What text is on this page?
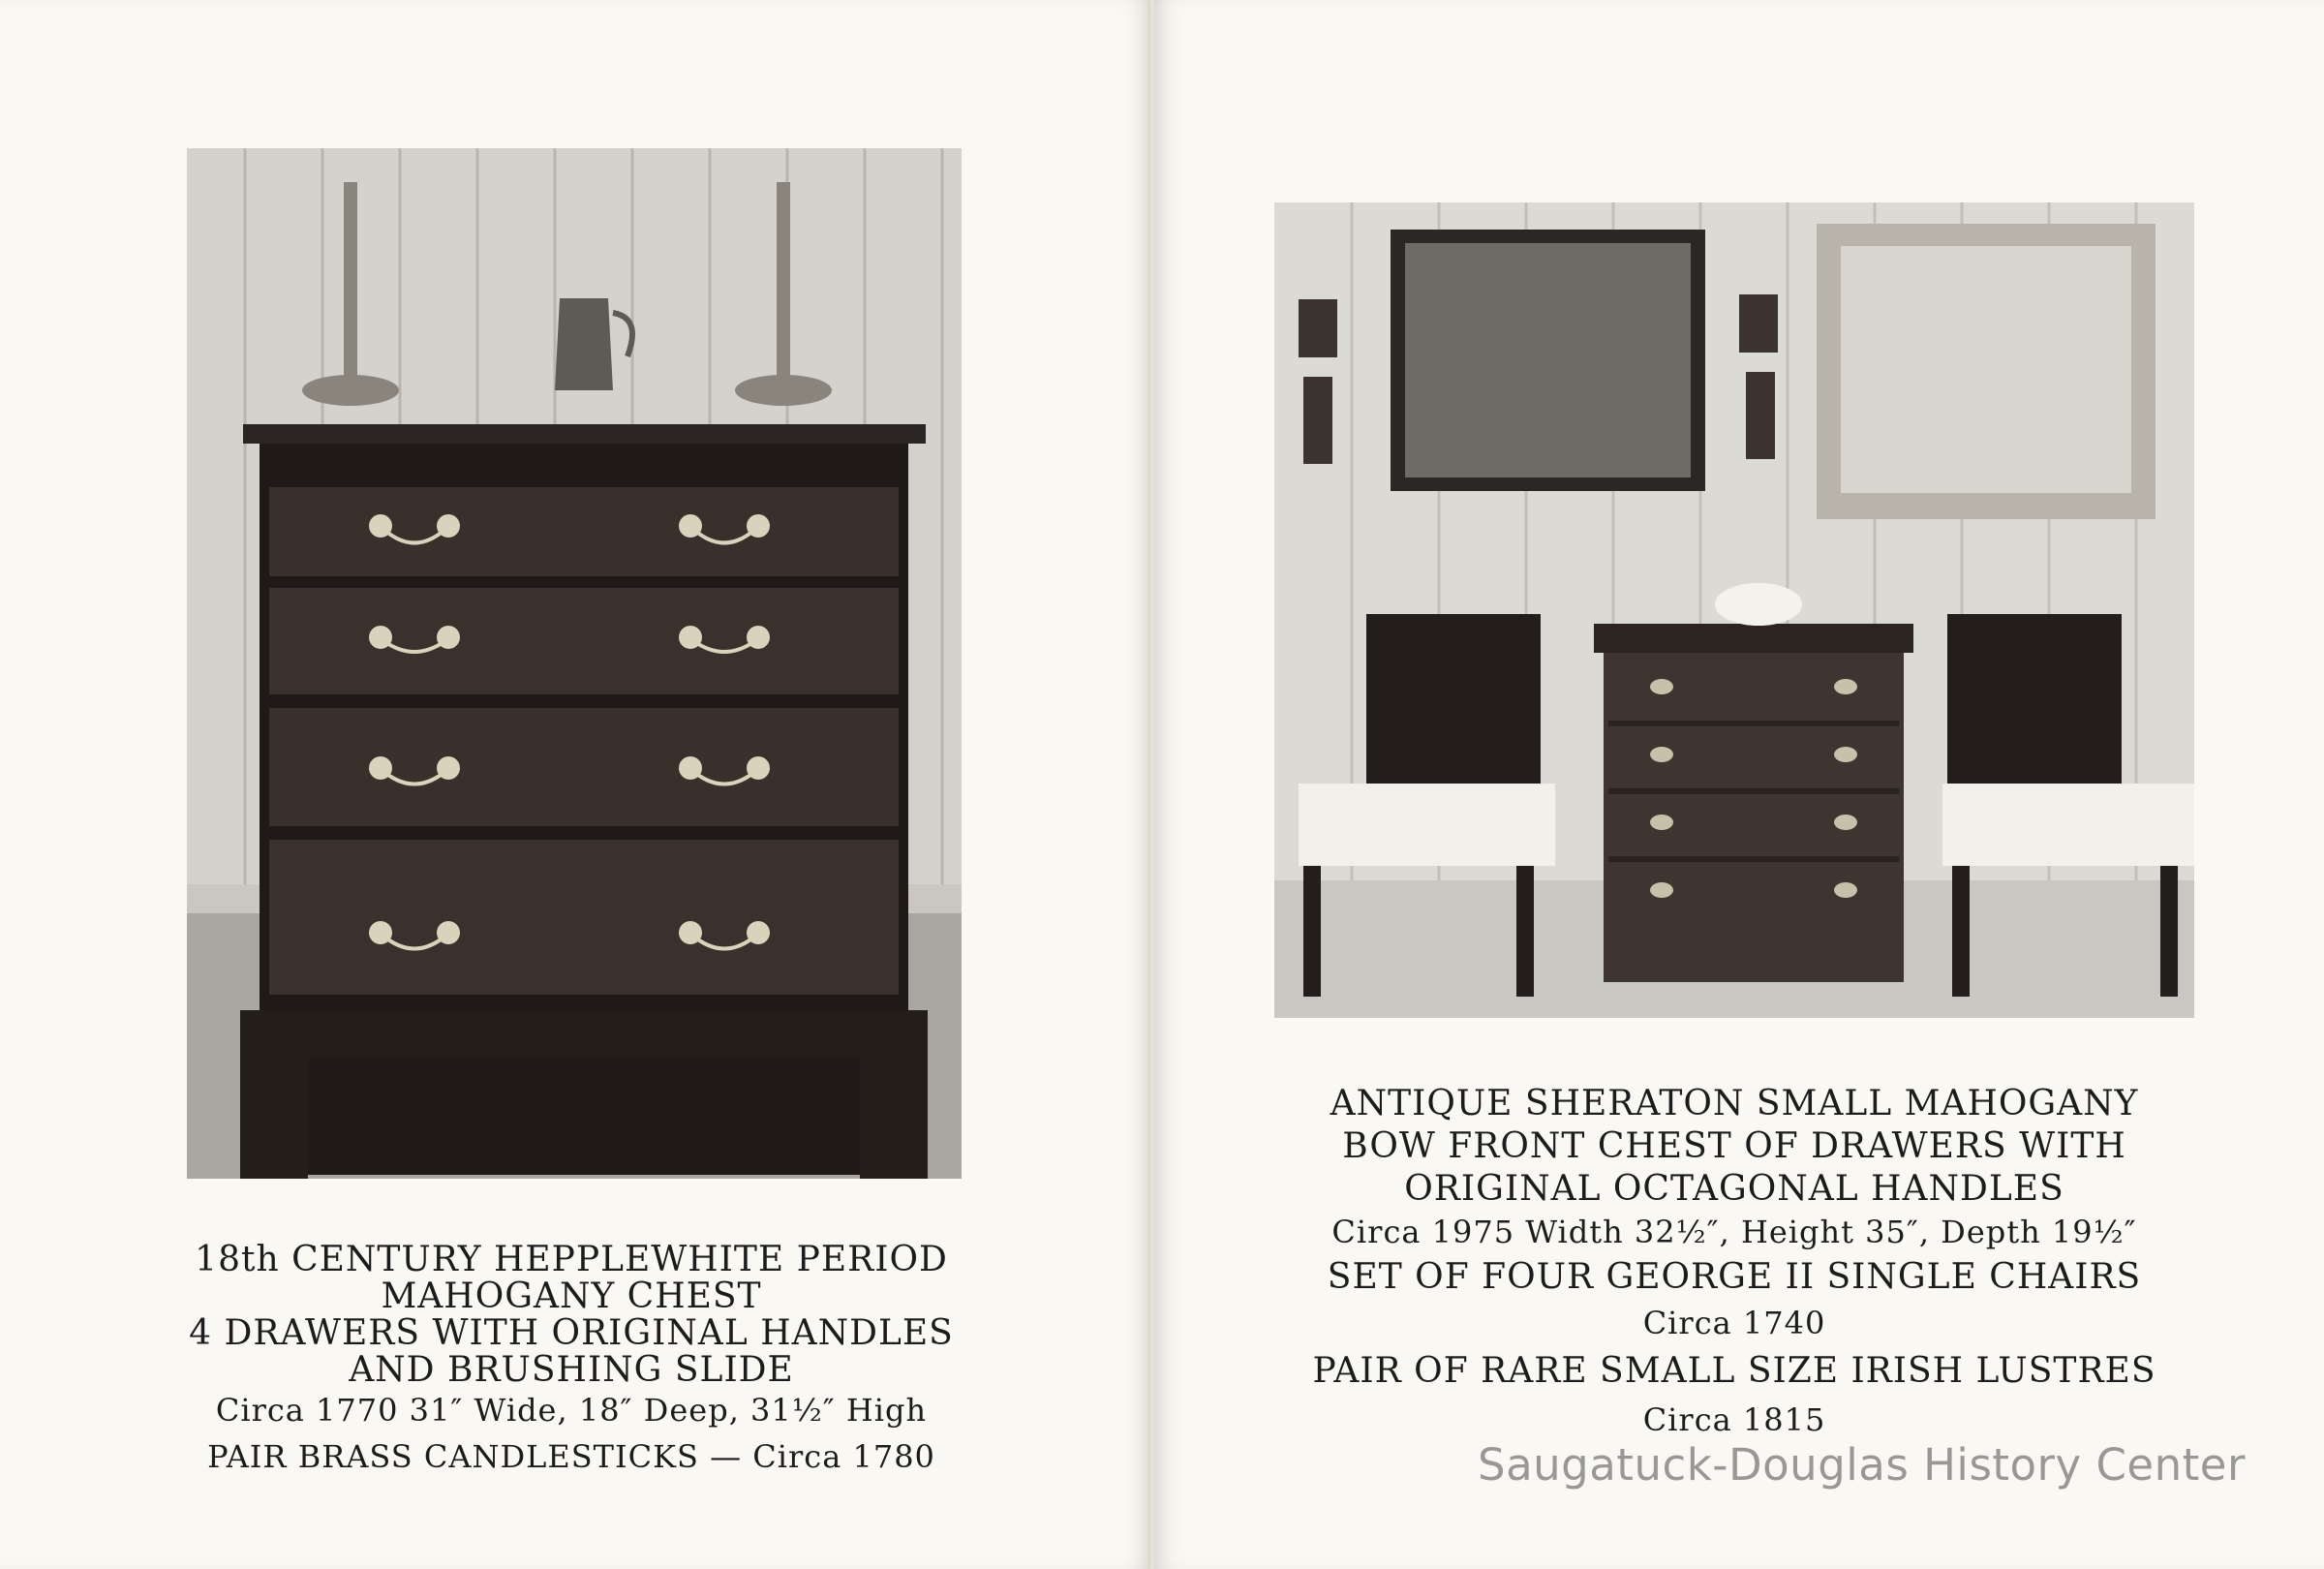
18th CENTURY HEPPLEWHITE PERIOD
MAHOGANY CHEST
4 DRAWERS WITH ORIGINAL HANDLES
AND BRUSHING SLIDE
Circa 1770 31″ Wide, 18″ Deep, 31½″ High
PAIR BRASS CANDLESTICKS — Circa 1780
ANTIQUE SHERATON SMALL MAHOGANY
BOW FRONT CHEST OF DRAWERS WITH
ORIGINAL OCTAGONAL HANDLES
Circa 1975 Width 32½″, Height 35″, Depth 19½″
SET OF FOUR GEORGE II SINGLE CHAIRS
Circa 1740
PAIR OF RARE SMALL SIZE IRISH LUSTRES
Circa 1815
Saugatuck-Douglas History Center
